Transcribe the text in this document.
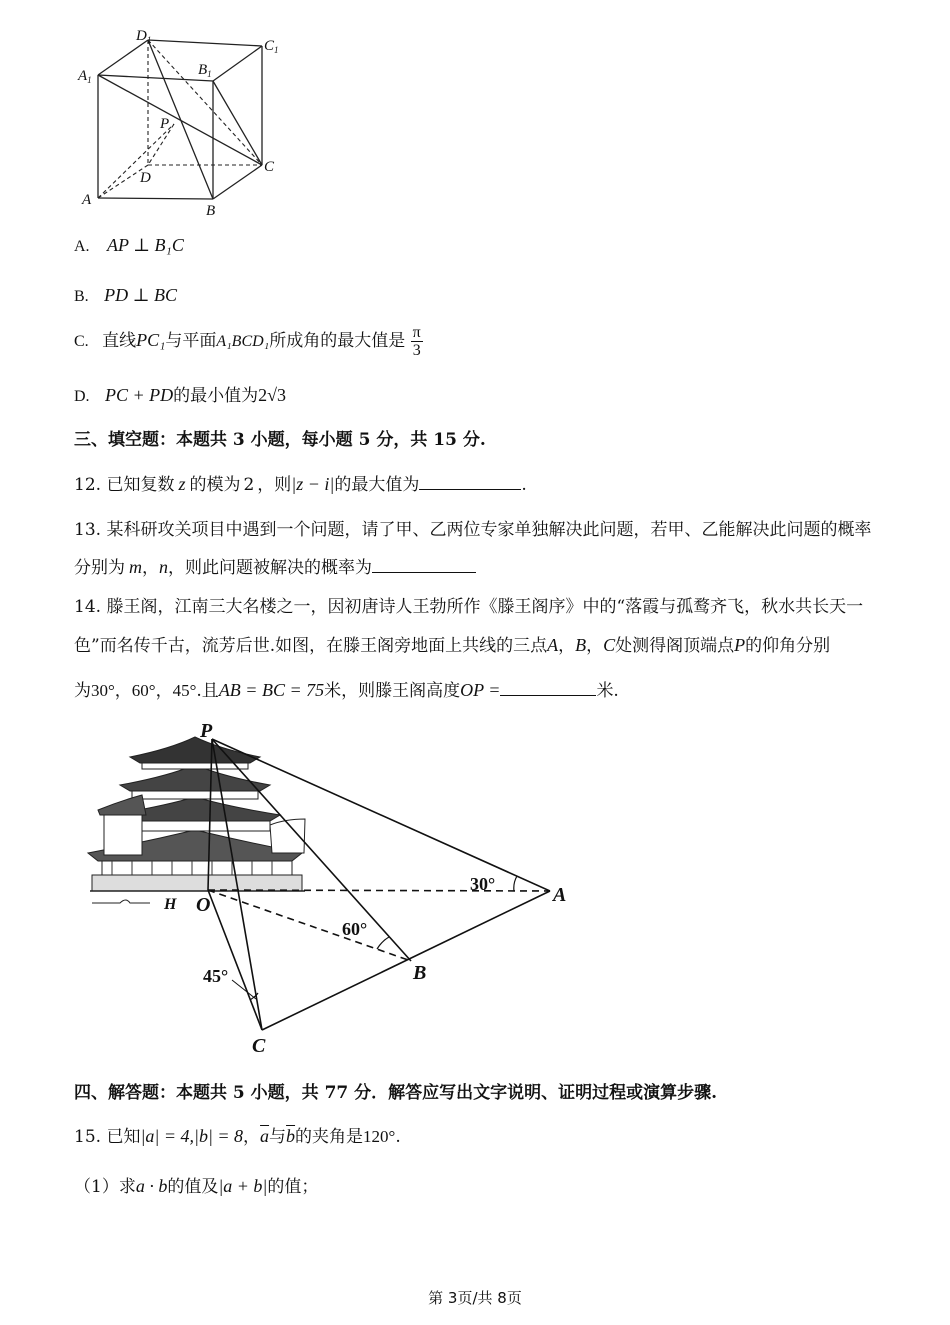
$D_1$	$C_1$
$A_1$
$B_1$
P
D
C
A
B
A. AP ⊥ B₁C
B. PD ⊥ BC
C. 直线PC₁与平面A₁BCD₁所成角的最大值是 $\frac{\pi}{3}$
D. PC + PD的最小值为2√3
三、填空题：本题共 3 小题，每小题 5 分，共 15 分.
12. 已知复数 z 的模为 2 ，则|z − i|的最大值为	.
13. 某科研攻关项目中遇到一个问题，请了甲、乙两位专家单独解决此问题，若甲、乙能解决此问题的概率
分别为 m，n，则此问题被解决的概率为
14. 滕王阁，江南三大名楼之一，因初唐诗人王勃所作《滕王阁序》中的“落霞与孤鹜齐飞，秋水共长天一
色”而名传千古，流芳后世.如图，在滕王阁旁地面上共线的三点A，B，C处测得阁顶端点P的仰角分别
为30°，60°，45°.且AB = BC = 75米，则滕王阁高度OP =	米.
P
O	A
B
C
H
30°
60°
45°
四、解答题：本题共 5 小题，共 77 分．解答应写出文字说明、证明过程或演算步骤.
15. 已知|a| = 4,|b| = 8，$\overline{a}$与$\overline{b}$的夹角是120°.
（1）求a · b的值及|a + b|的值；
第 3页/共 8页
